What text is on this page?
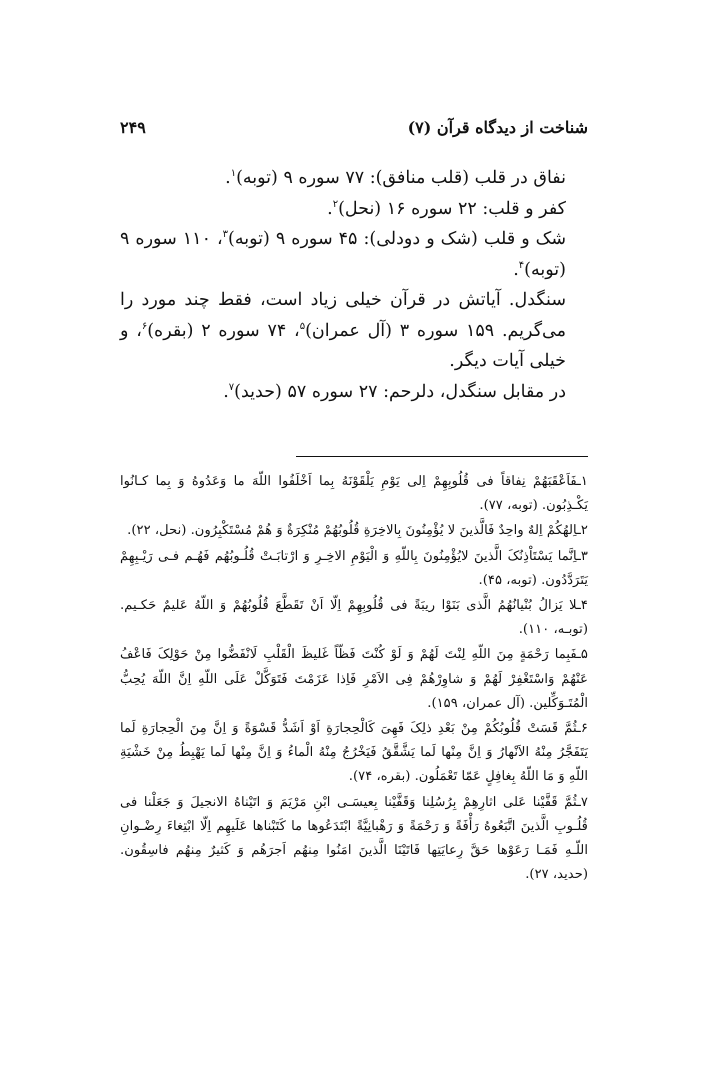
شناخت از دیدگاه قرآن (۷)
۲۴۹

نفاق در قلب (قلب منافق): ۷۷ سوره ۹ (توبه)$^۱$.

کفر و قلب: ۲۲ سوره ۱۶ (نحل)$^۲$.

شک و قلب (شک و دودلی): ۴۵ سوره ۹ (توبه)$^۳$، ۱۱۰ سوره ۹ (توبه)$^۴$.

سنگدل. آیاتش در قرآن خیلی زیاد است، فقط چند مورد را می‌گریم. ۱۵۹ سوره ۳ (آل عمران)$^۵$، ۷۴ سوره ۲ (بقره)$^۶$، و خیلی آیات دیگر.

در مقابل سنگدل، دلرحم: ۲۷ سوره ۵۷ (حدید)$^۷$.

۱ـفَاَعْقَبَهُمْ نِفاقاً فی قُلُوبِهِمْ اِلی یَوْمِ یَلْقَوْنَهُ بِما اَخْلَفُوا اللّهَ ما وَعَدُوهُ وَ بِما کـانُوا یَکْـذِبُون. (توبه، ۷۷).

۲ـاِلهُکُمْ اِلهٌ واحِدٌ فَالَّذینَ لا یُؤْمِنُونَ بِالاخِرَةِ قُلُوبُهُمْ مُنْکِرَةٌ وَ هُمْ مُسْتَکْبِرُون. (نحل، ۲۲).

۳ـاِنَّما یَسْتَاْذِنُکَ الَّذینَ لایُؤْمِنُونَ بِاللّهِ وَ الْیَوْمِ الاخِـرِ وَ ارْتابَـتْ قُلُـوبُهُم فَهُـم فـی رَیْـبِهِمْ یَتَرَدَّدُون. (توبه، ۴۵).

۴ـلا یَزالُ بُنْیانُهُمُ الَّذی بَنَوْا ریبَةً فی قُلُوبِهِمْ اِلّا اَنْ تَقَطَّعَ قُلُوبُهُمْ وَ اللّهُ عَلیمٌ حَکـیم. (توبـه، ۱۱۰).

۵ـفَبِما رَحْمَةٍ مِنَ اللّهِ لِنْتَ لَهُمْ وَ لَوْ کُنْتَ فَظّاً غَلیظَ الْقَلْبِ لَانْفَضُّوا مِنْ حَوْلِکَ فَاعْفُ عَنْهُمْ وَاسْتَغْفِرْ لَهُمْ وَ شاوِرْهُمْ فِی الاَمْرِ فَاِذا عَزَمْتَ فَتَوَکَّلْ عَلَی اللّهِ اِنَّ اللّهَ یُحِبُّ الْمُتَـوَکِّلین. (آل عمران، ۱۵۹).

۶ـثُمَّ قَسَتْ قُلُوبُکُمْ مِنْ بَعْدِ ذلِکَ فَهِیَ کَالْحِجارَةِ اَوْ اَشَدُّ قَسْوَةً وَ اِنَّ مِنَ الْحِجارَةِ لَما یَتَفَجَّرُ مِنْهُ الاَنْهارُ وَ اِنَّ مِنْها لَما یَشَّقَّقُ فَیَخْرُجُ مِنْهُ الْماءُ وَ اِنَّ مِنْها لَما یَهْبِطُ مِنْ خَشْیَةِ اللّهِ وَ مَا اللّهُ بِغافِلٍ عَمّا تَعْمَلُون. (بقره، ۷۴).

۷ـثُمَّ قَفَّیْنا عَلی اثارِهِمْ بِرُسُلِنا وَقَفَّیْنا بِعیسَـی ابْنِ مَرْیَمَ وَ اتَیْناهُ الانجیلَ وَ جَعَلْنا فی قُلُـوبِ الَّذینَ اتَّبَعُوهُ رَأْفَةً وَ رَحْمَةً وَ رَهْبانِیَّةً ابْتَدَعُوها ما کَتَبْناها عَلَیهِم اِلّا ابْتِغاءَ رِضْـوانِ اللّـهِ فَمَـا رَعَوْها حَقَّ رِعایَتِها فَاتَیْنَا الَّذینَ امَنُوا مِنهُم اَجرَهُم وَ کَثیرٌ مِنهُم فاسِقُون. (حدید، ۲۷).
